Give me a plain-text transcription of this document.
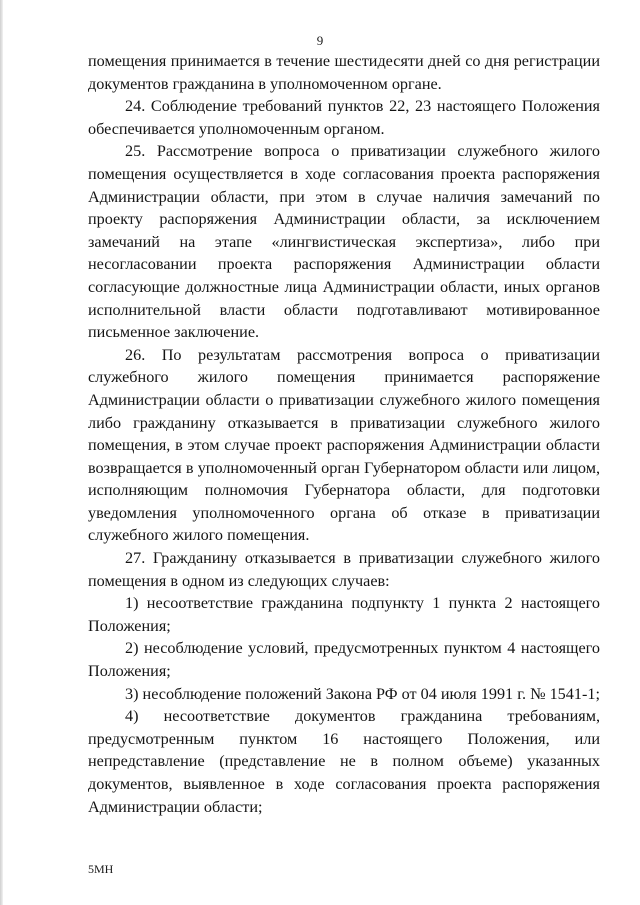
9

помещения принимается в течение шестидесяти дней со дня регистрации документов гражданина в уполномоченном органе.

24. Соблюдение требований пунктов 22, 23 настоящего Положения обеспечивается уполномоченным органом.

25. Рассмотрение вопроса о приватизации служебного жилого помещения осуществляется в ходе согласования проекта распоряжения Администрации области, при этом в случае наличия замечаний по проекту распоряжения Администрации области, за исключением замечаний на этапе «лингвистическая экспертиза», либо при несогласовании проекта распоряжения Администрации области согласующие должностные лица Администрации области, иных органов исполнительной власти области подготавливают мотивированное письменное заключение.

26. По результатам рассмотрения вопроса о приватизации служебного жилого помещения принимается распоряжение Администрации области о приватизации служебного жилого помещения либо гражданину отказывается в приватизации служебного жилого помещения, в этом случае проект распоряжения Администрации области возвращается в уполномоченный орган Губернатором области или лицом, исполняющим полномочия Губернатора области, для подготовки уведомления уполномоченного органа об отказе в приватизации служебного жилого помещения.

27. Гражданину отказывается в приватизации служебного жилого помещения в одном из следующих случаев:

1) несоответствие гражданина подпункту 1 пункта 2 настоящего Положения;

2) несоблюдение условий, предусмотренных пунктом 4 настоящего Положения;

3) несоблюдение положений Закона РФ от 04 июля 1991 г. № 1541-1;

4) несоответствие документов гражданина требованиям, предусмотренным пунктом 16 настоящего Положения, или непредставление (представление не в полном объеме) указанных документов, выявленное в ходе согласования проекта распоряжения Администрации области;

5МН
